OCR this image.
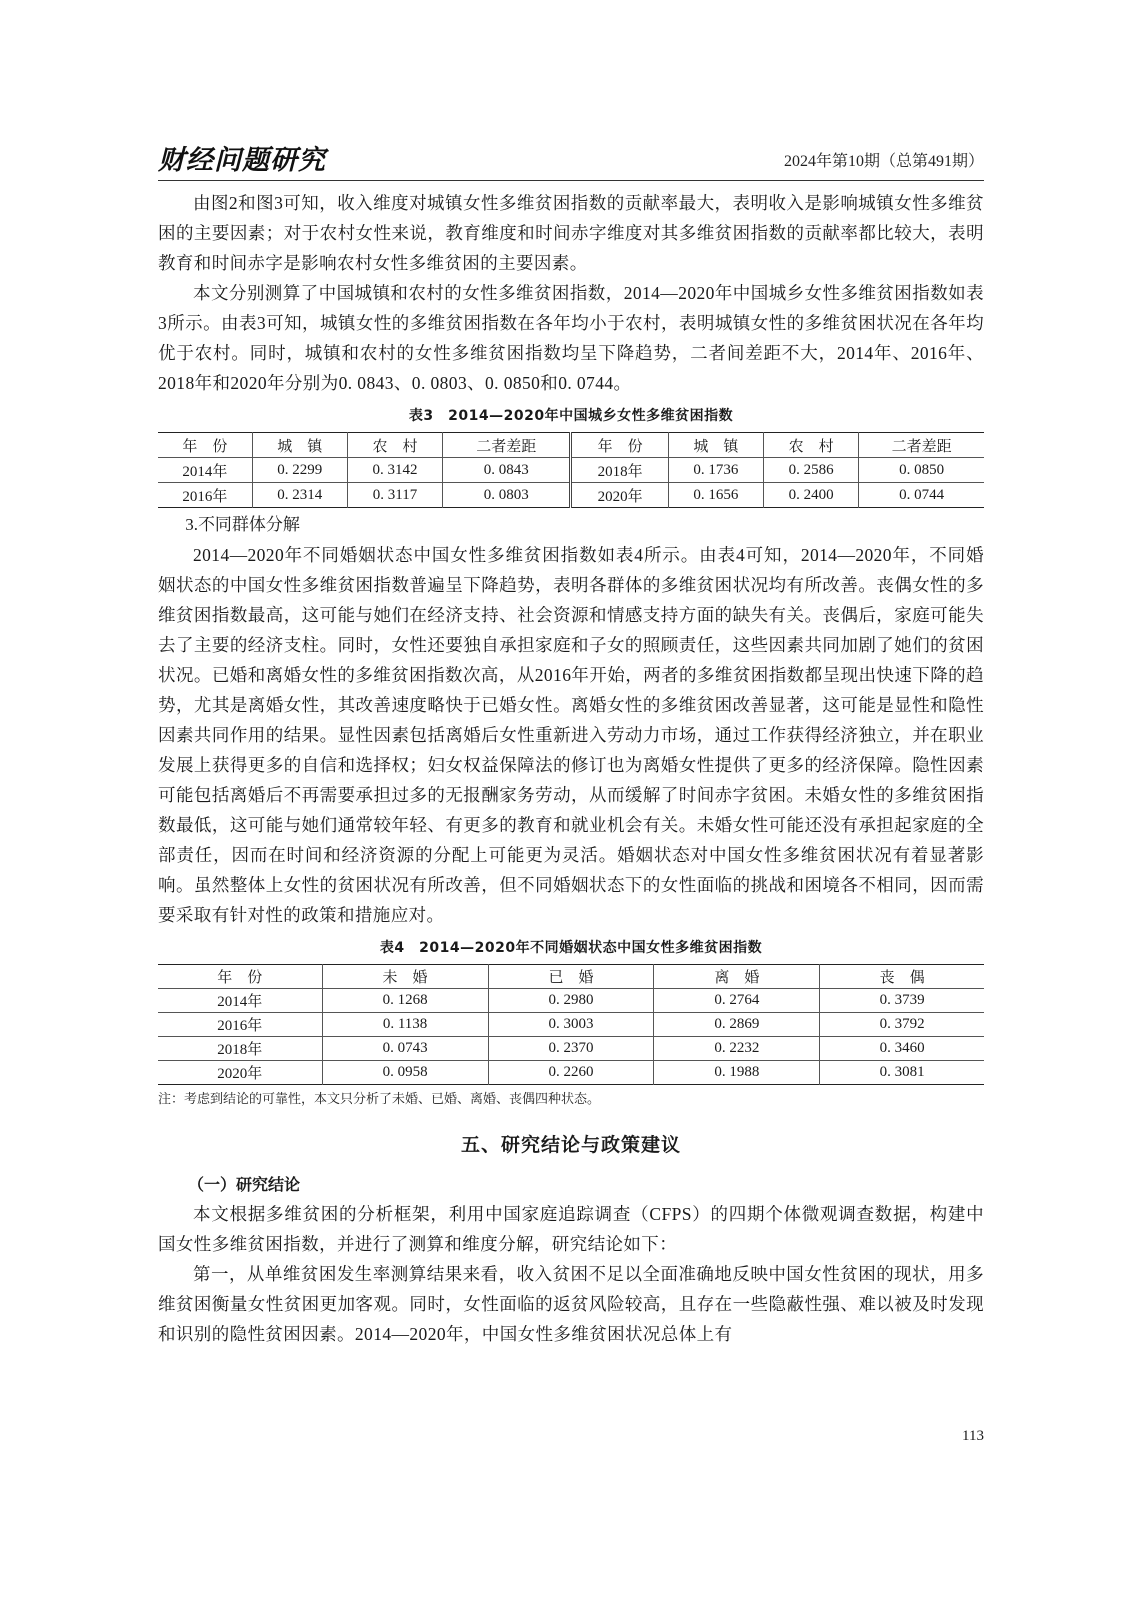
财经问题研究	2024年第10期（总第491期）

由图2和图3可知，收入维度对城镇女性多维贫困指数的贡献率最大，表明收入是影响城镇女性多维贫困的主要因素；对于农村女性来说，教育维度和时间赤字维度对其多维贫困指数的贡献率都比较大，表明教育和时间赤字是影响农村女性多维贫困的主要因素。

本文分别测算了中国城镇和农村的女性多维贫困指数，2014—2020年中国城乡女性多维贫困指数如表3所示。由表3可知，城镇女性的多维贫困指数在各年均小于农村，表明城镇女性的多维贫困状况在各年均优于农村。同时，城镇和农村的女性多维贫困指数均呈下降趋势，二者间差距不大，2014年、2016年、2018年和2020年分别为0. 0843、0. 0803、0. 0850和0. 0744。

表3　2014—2020年中国城乡女性多维贫困指数
年　份	城　镇	农　村	二者差距	年　份	城　镇	农　村	二者差距
2014年	0. 2299	0. 3142	0. 0843	2018年	0. 1736	0. 2586	0. 0850
2016年	0. 2314	0. 3117	0. 0803	2020年	0. 1656	0. 2400	0. 0744

3.不同群体分解

2014—2020年不同婚姻状态中国女性多维贫困指数如表4所示。由表4可知，2014—2020年，不同婚姻状态的中国女性多维贫困指数普遍呈下降趋势，表明各群体的多维贫困状况均有所改善。丧偶女性的多维贫困指数最高，这可能与她们在经济支持、社会资源和情感支持方面的缺失有关。丧偶后，家庭可能失去了主要的经济支柱。同时，女性还要独自承担家庭和子女的照顾责任，这些因素共同加剧了她们的贫困状况。已婚和离婚女性的多维贫困指数次高，从2016年开始，两者的多维贫困指数都呈现出快速下降的趋势，尤其是离婚女性，其改善速度略快于已婚女性。离婚女性的多维贫困改善显著，这可能是显性和隐性因素共同作用的结果。显性因素包括离婚后女性重新进入劳动力市场，通过工作获得经济独立，并在职业发展上获得更多的自信和选择权；妇女权益保障法的修订也为离婚女性提供了更多的经济保障。隐性因素可能包括离婚后不再需要承担过多的无报酬家务劳动，从而缓解了时间赤字贫困。未婚女性的多维贫困指数最低，这可能与她们通常较年轻、有更多的教育和就业机会有关。未婚女性可能还没有承担起家庭的全部责任，因而在时间和经济资源的分配上可能更为灵活。婚姻状态对中国女性多维贫困状况有着显著影响。虽然整体上女性的贫困状况有所改善，但不同婚姻状态下的女性面临的挑战和困境各不相同，因而需要采取有针对性的政策和措施应对。

表4　2014—2020年不同婚姻状态中国女性多维贫困指数
年　份	未　婚	已　婚	离　婚	丧　偶
2014年	0. 1268	0. 2980	0. 2764	0. 3739
2016年	0. 1138	0. 3003	0. 2869	0. 3792
2018年	0. 0743	0. 2370	0. 2232	0. 3460
2020年	0. 0958	0. 2260	0. 1988	0. 3081

注：考虑到结论的可靠性，本文只分析了未婚、已婚、离婚、丧偶四种状态。

五、研究结论与政策建议
（一）研究结论

本文根据多维贫困的分析框架，利用中国家庭追踪调查（CFPS）的四期个体微观调查数据，构建中国女性多维贫困指数，并进行了测算和维度分解，研究结论如下：

第一，从单维贫困发生率测算结果来看，收入贫困不足以全面准确地反映中国女性贫困的现状，用多维贫困衡量女性贫困更加客观。同时，女性面临的返贫风险较高，且存在一些隐蔽性强、难以被及时发现和识别的隐性贫困因素。2014—2020年，中国女性多维贫困状况总体上有

113
